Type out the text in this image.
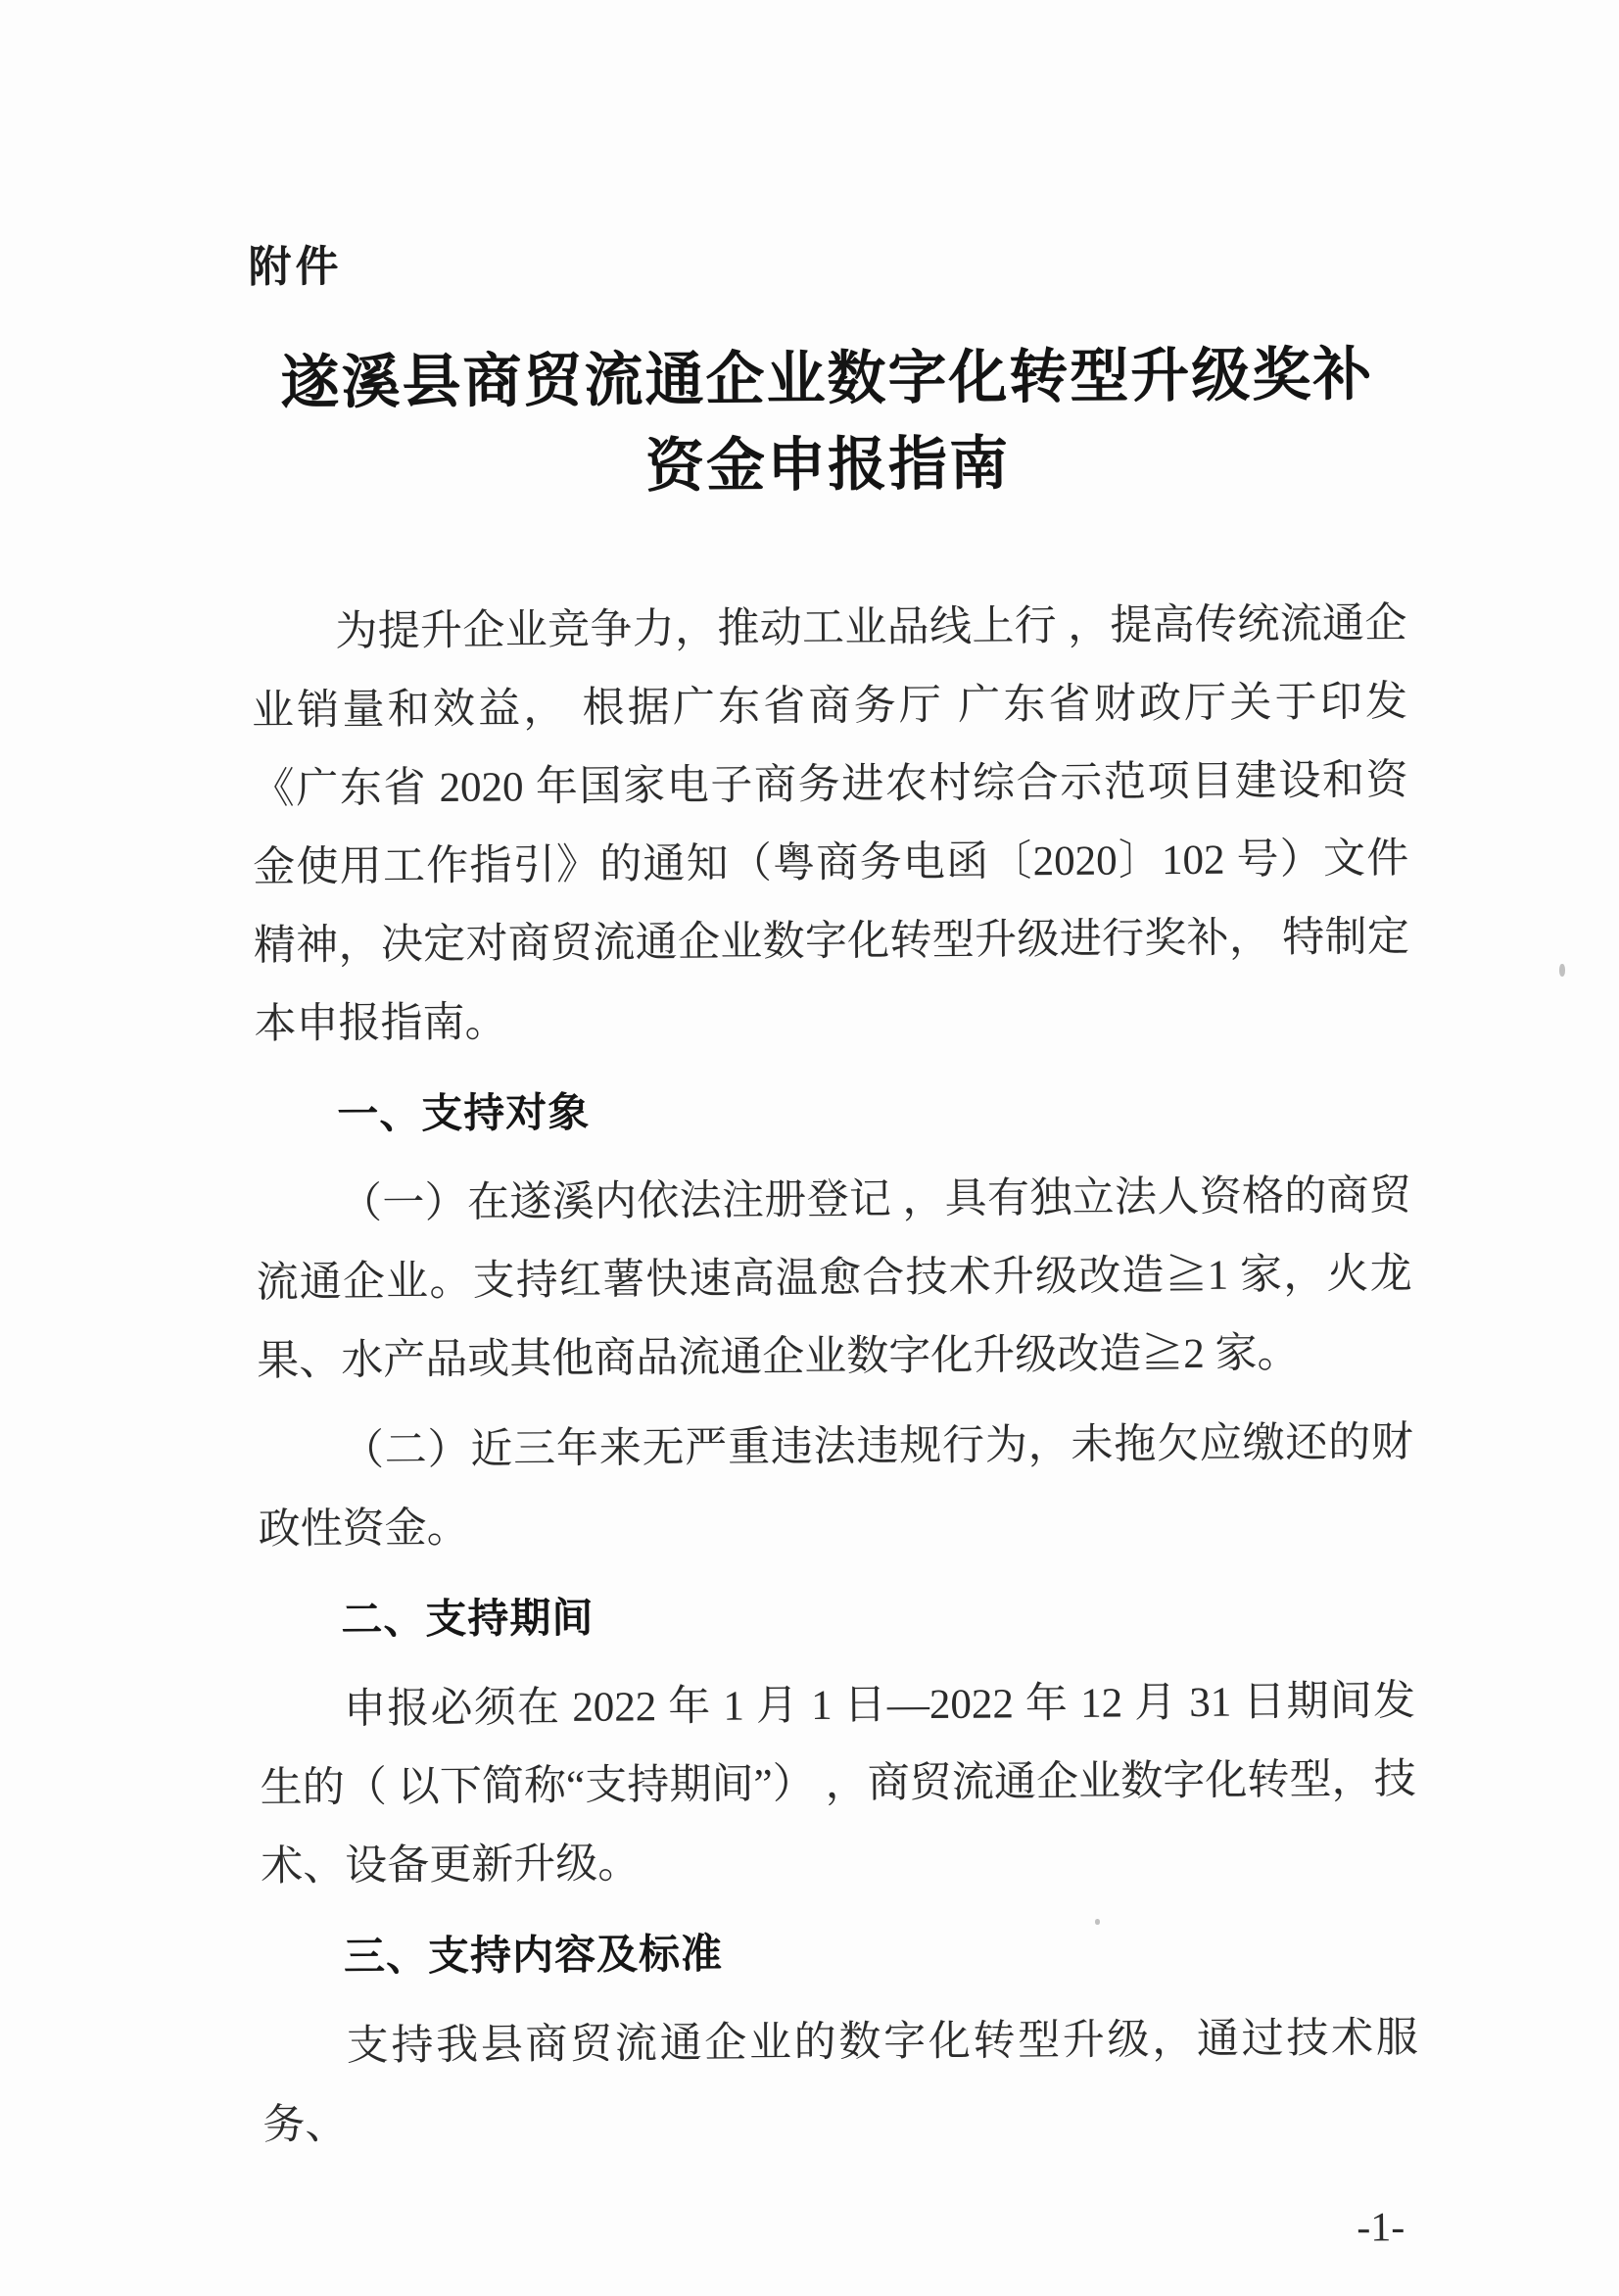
附件
遂溪县商贸流通企业数字化转型升级奖补
资金申报指南

为提升企业竞争力，推动工业品线上行 ，提高传统流通企业销量和效益， 根据广东省商务厅 广东省财政厅关于印发《广东省 2020 年国家电子商务进农村综合示范项目建设和资金使用工作指引》的通知（粤商务电函〔2020〕102 号）文件精神，决定对商贸流通企业数字化转型升级进行奖补， 特制定本申报指南。

一、支持对象

（一）在遂溪内依法注册登记 ，具有独立法人资格的商贸流通企业。支持红薯快速高温愈合技术升级改造≧1 家，火龙果、水产品或其他商品流通企业数字化升级改造≧2 家。

（二）近三年来无严重违法违规行为，未拖欠应缴还的财政性资金。

二、支持期间

申报必须在 2022 年 1 月 1 日—2022 年 12 月 31 日期间发生的（ 以下简称“支持期间”） ，商贸流通企业数字化转型，技术、设备更新升级。

三、支持内容及标准

支持我县商贸流通企业的数字化转型升级，通过技术服务、

-1-
